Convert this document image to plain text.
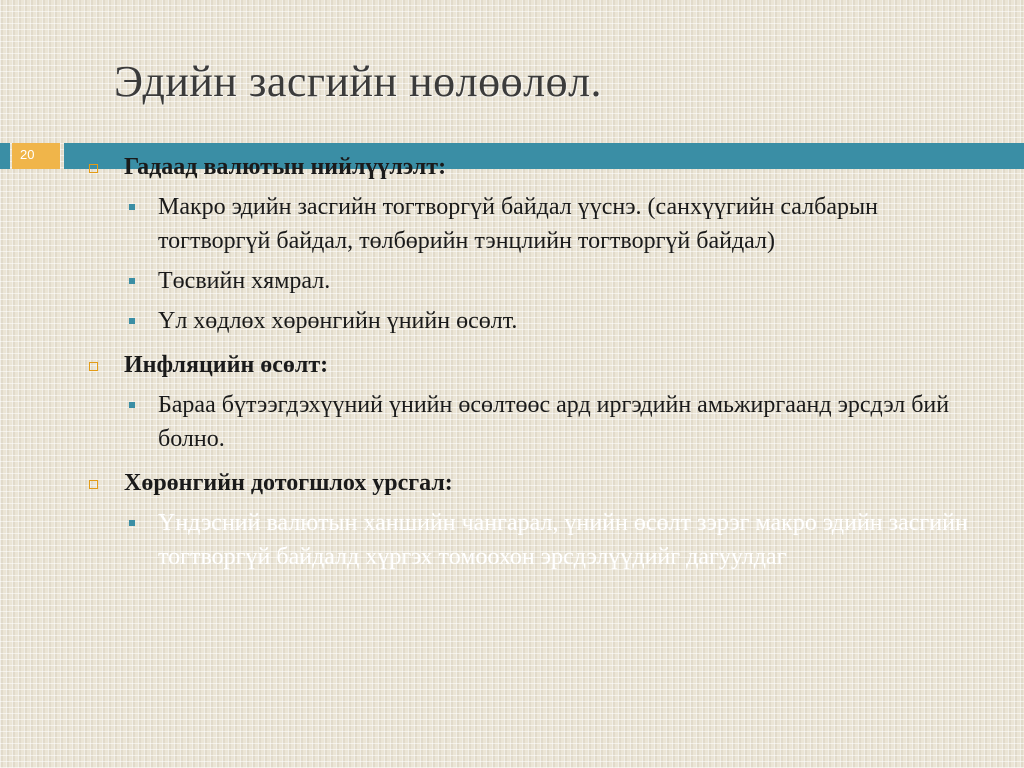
Эдийн засгийн нөлөөлөл.
20	Гадаад валютын нийлүүлэлт:
Макро эдийн засгийн тогтворгүй байдал үүснэ. (санхүүгийн салбарын тогтворгүй байдал, төлбөрийн тэнцлийн тогтворгүй байдал)
Төсвийн хямрал.
Үл хөдлөх хөрөнгийн үнийн өсөлт.
Инфляцийн өсөлт:
Бараа бүтээгдэхүүний үнийн өсөлтөөс ард иргэдийн амьжиргаанд эрсдэл бий болно.
Хөрөнгийн дотогшлох урсгал:
Үндэсний валютын ханшийн чангарал, үнийн өсөлт зэрэг макро эдийн засгийн тогтворгүй байдалд хүргэх томоохон эрсдэлүүдийг дагуулдаг
